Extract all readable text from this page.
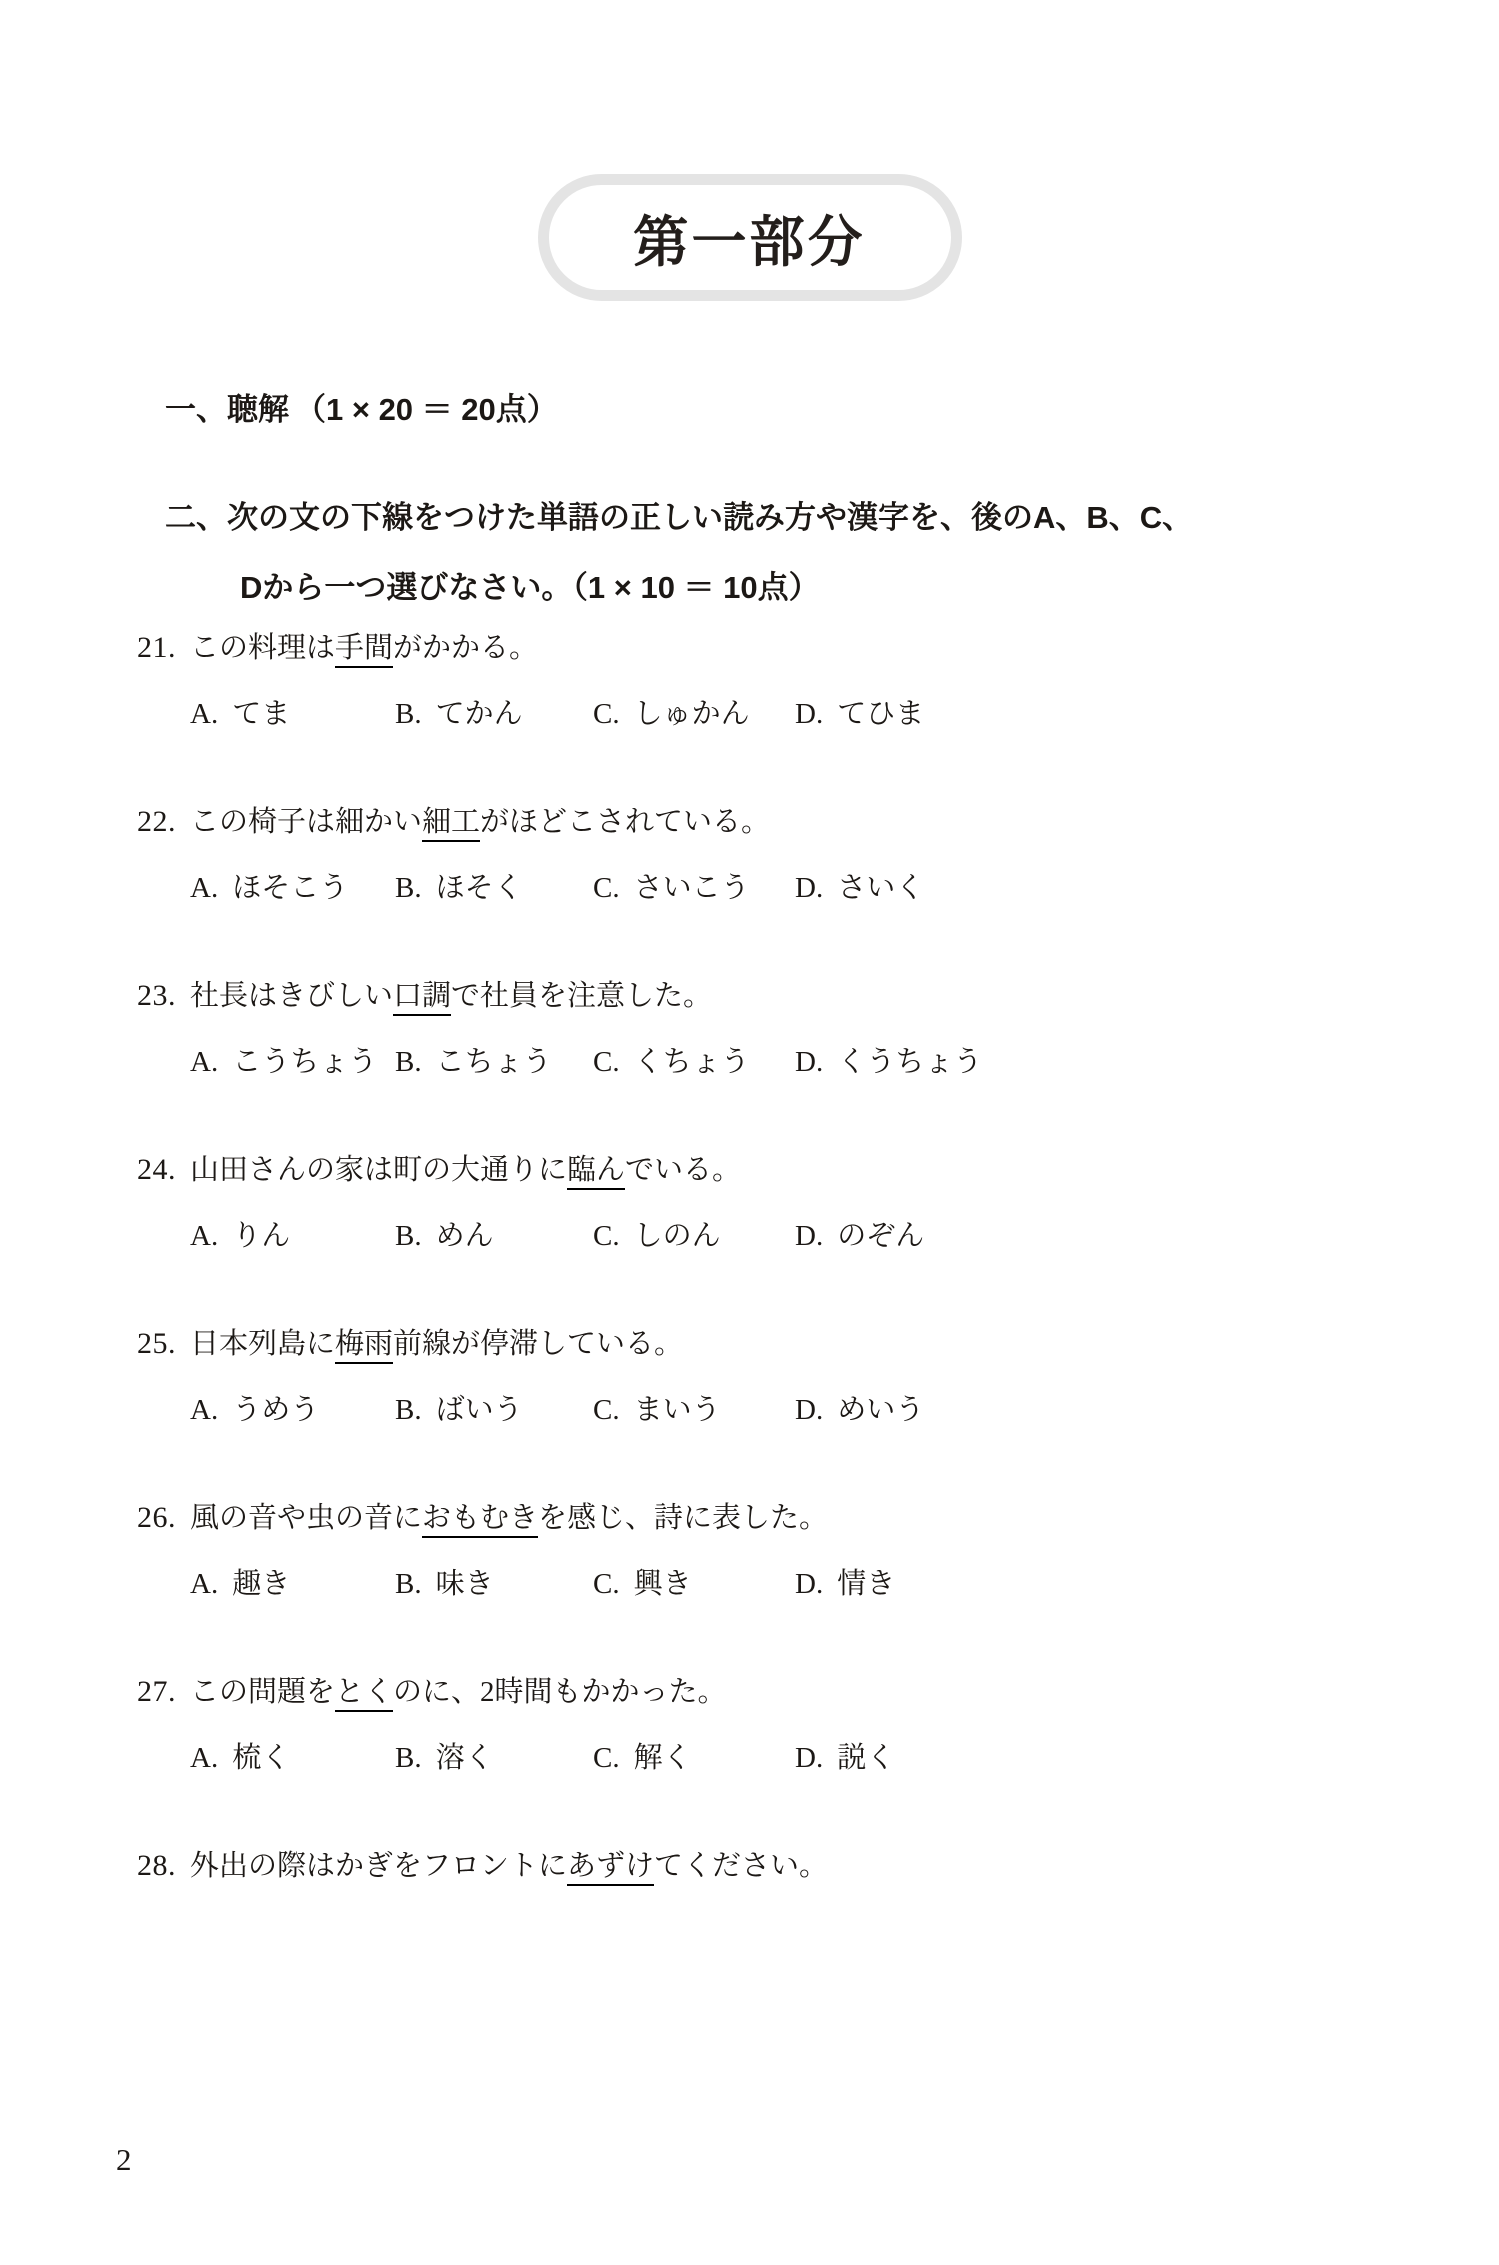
第一部分
一、聴解 （1 × 20 ＝ 20点）
二、次の文の下線をつけた単語の正しい読み方や漢字を、後のA、B、C、
Dから一つ選びなさい。（1 × 10 ＝ 10点）
21. この料理は手間がかかる。
A. てま	B. てかん	C. しゅかん	D. てひま
22. この椅子は細かい細工がほどこされている。
A. ほそこう	B. ほそく	C. さいこう	D. さいく
23. 社長はきびしい口調で社員を注意した。
A. こうちょう B. こちょう	C. くちょう	D. くうちょう
24. 山田さんの家は町の大通りに臨んでいる。
A. りん	B. めん	C. しのん	D. のぞん
25. 日本列島に梅雨前線が停滞している。
A. うめう	B. ばいう	C. まいう	D. めいう
26. 風の音や虫の音におもむきを感じ、詩に表した。
A. 趣き	B. 味き	C. 興き	D. 情き
27. この問題をとくのに、2時間もかかった。
A. 梳く	B. 溶く	C. 解く	D. 説く
28. 外出の際はかぎをフロントにあずけてください。
2
